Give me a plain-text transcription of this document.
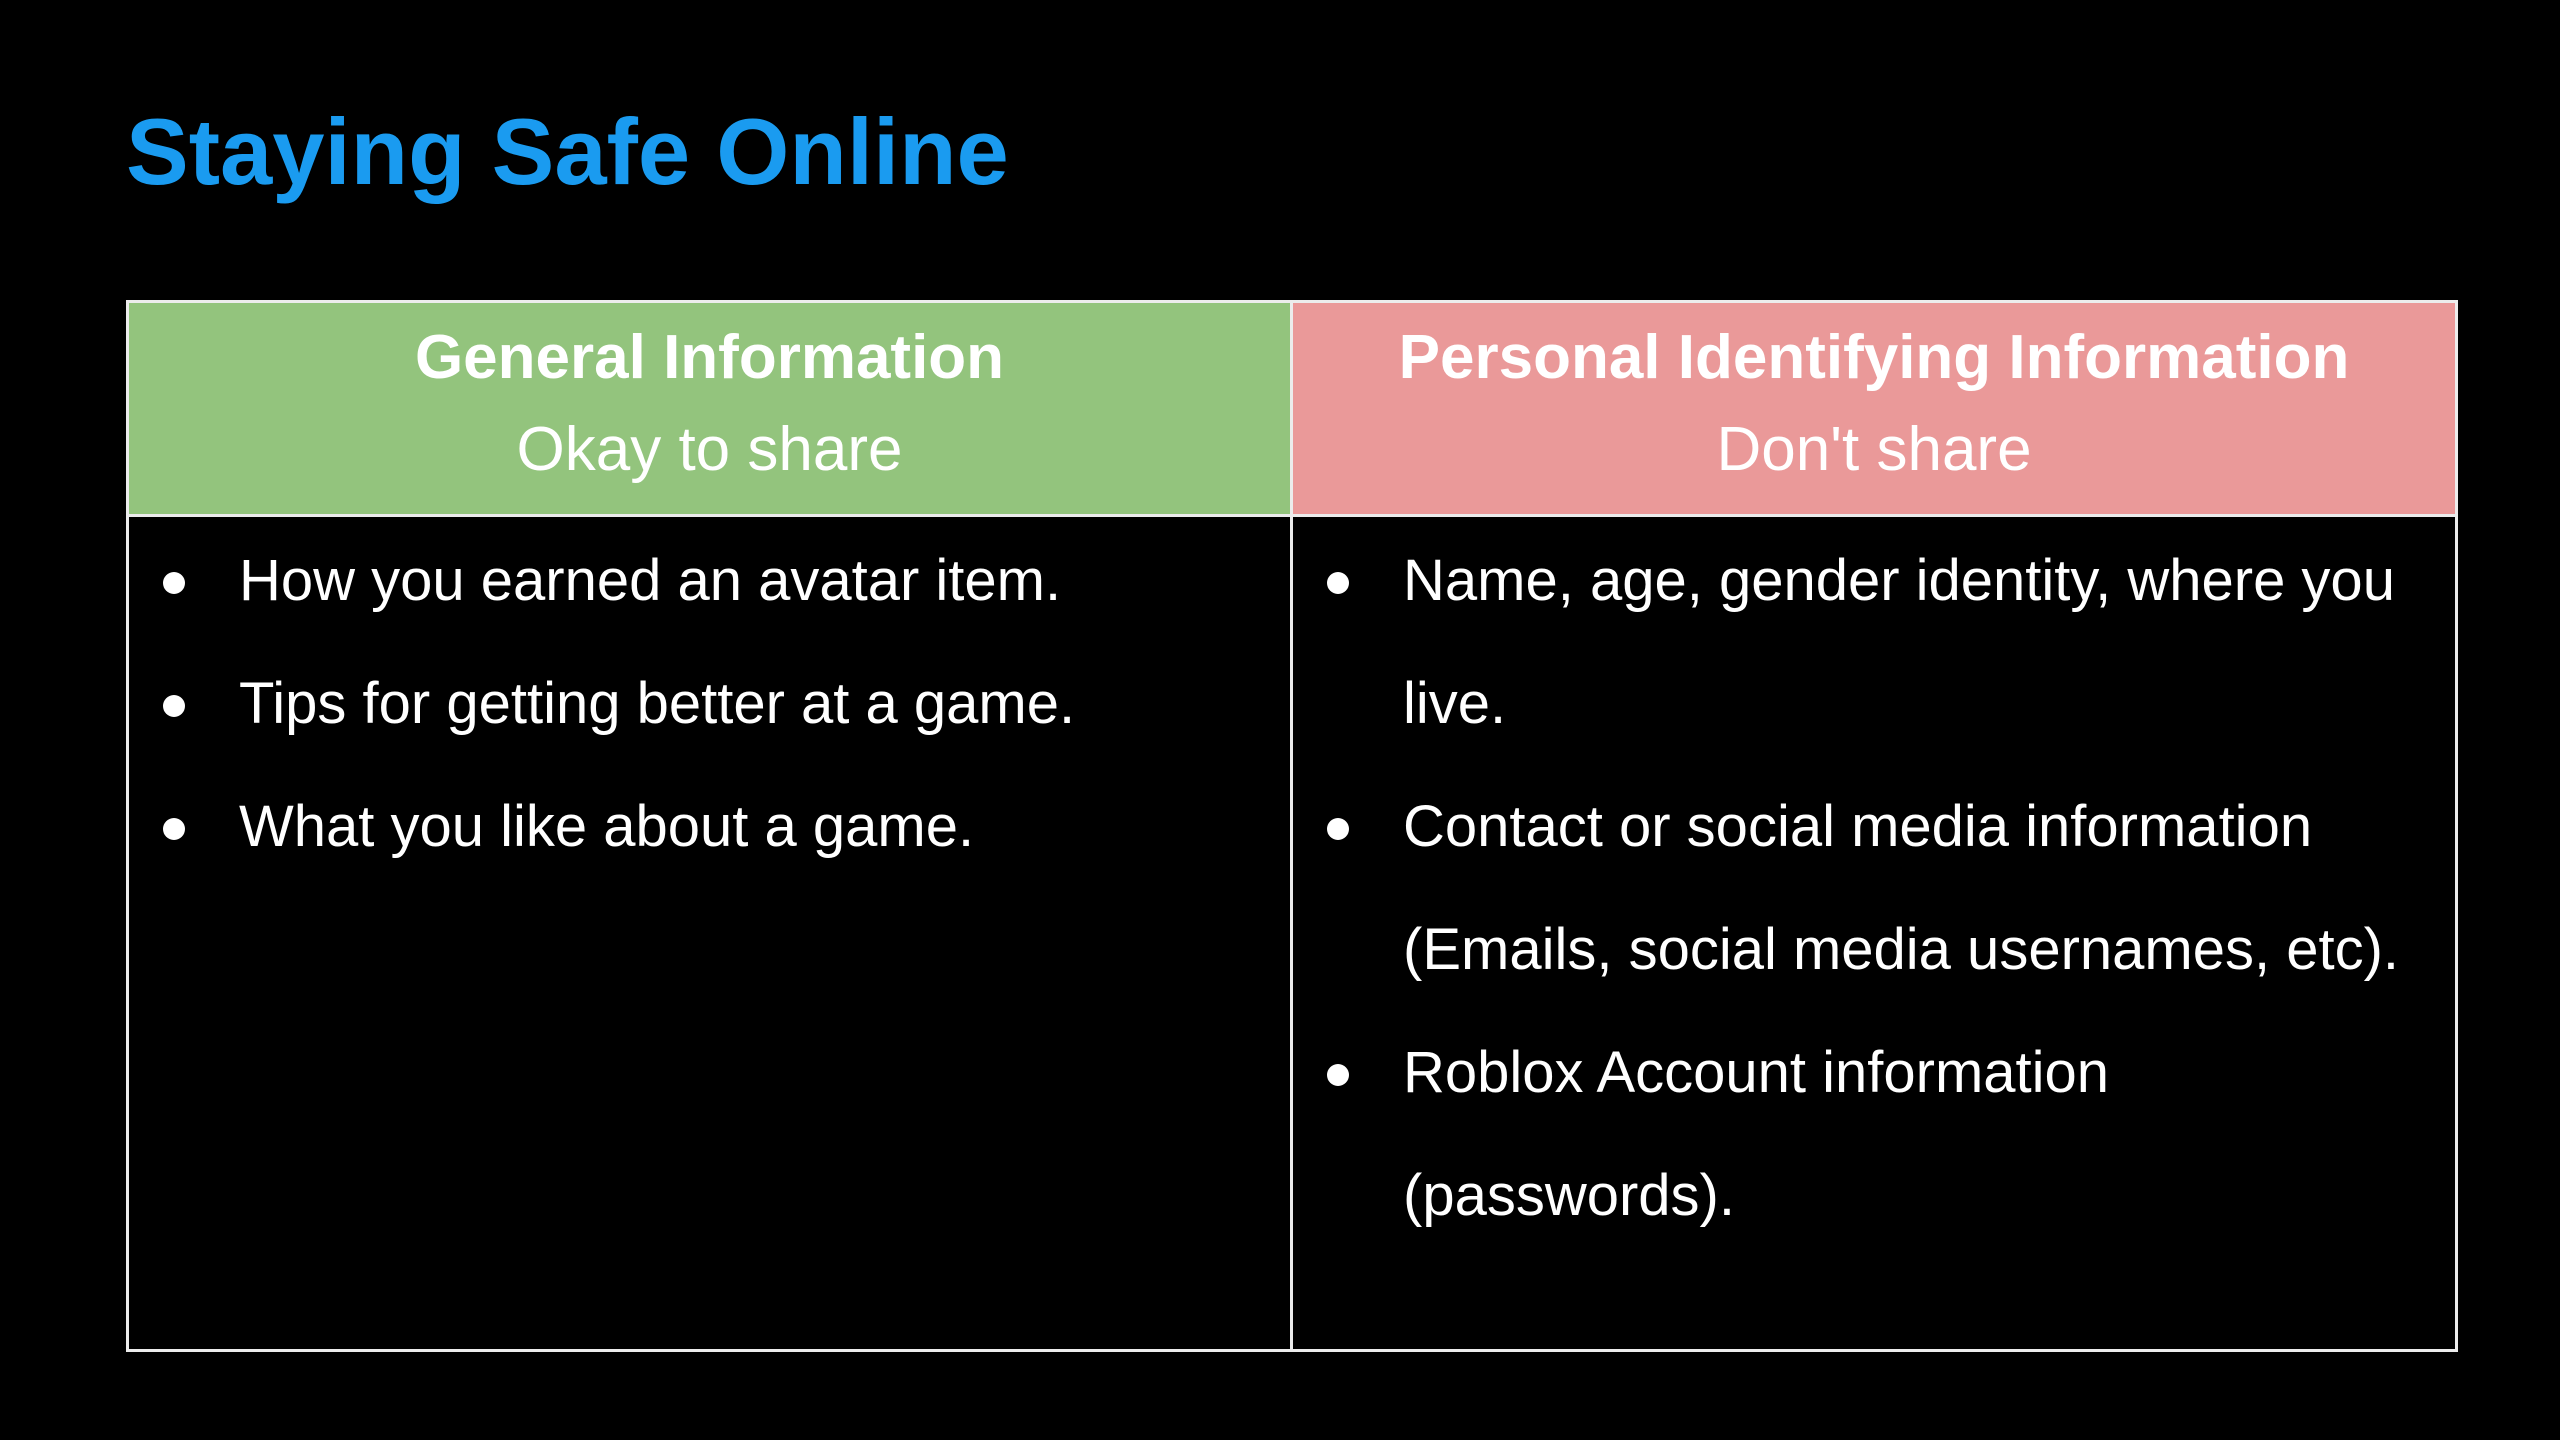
Staying Safe Online
General Information
Okay to share
Personal Identifying Information
Don't share
How you earned an avatar item.
Tips for getting better at a game.
What you like about a game.
Name, age, gender identity, where you live.
Contact or social media information (Emails, social media usernames, etc).
Roblox Account information (passwords).
